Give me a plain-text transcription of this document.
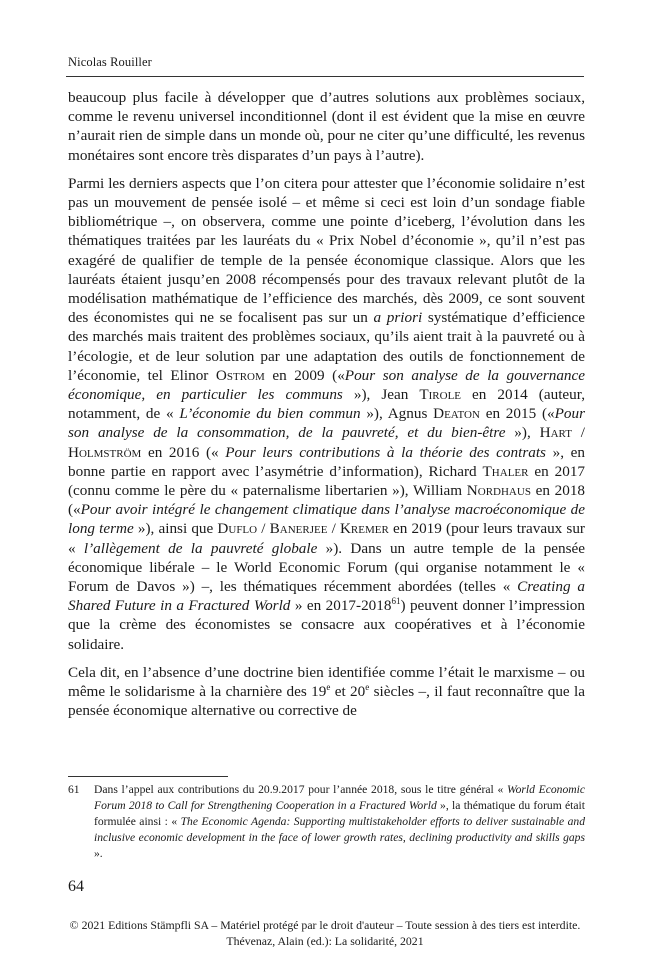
Nicolas Rouiller

beaucoup plus facile à développer que d’autres solutions aux problèmes sociaux, comme le revenu universel inconditionnel (dont il est évident que la mise en œuvre n’aurait rien de simple dans un monde où, pour ne citer qu’une difficulté, les revenus monétaires sont encore très disparates d’un pays à l’autre).

Parmi les derniers aspects que l’on citera pour attester que l’économie solidaire n’est pas un mouvement de pensée isolé – et même si ceci est loin d’un sondage fiable bibliométrique –, on observera, comme une pointe d’iceberg, l’évolution dans les thématiques traitées par les lauréats du « Prix Nobel d’économie », qu’il n’est pas exagéré de qualifier de temple de la pensée économique classique. Alors que les lauréats étaient jusqu’en 2008 récompensés pour des travaux relevant plutôt de la modélisation mathématique de l’efficience des marchés, dès 2009, ce sont souvent des économistes qui ne se focalisent pas sur un a priori systématique d’efficience des marchés mais traitent des problèmes sociaux, qu’ils aient trait à la pauvreté ou à l’écologie, et de leur solution par une adaptation des outils de fonctionnement de l’économie, tel Elinor Ostrom en 2009 («Pour son analyse de la gouvernance économique, en particulier les communs »), Jean Tirole en 2014 (auteur, notamment, de « L’économie du bien commun »), Agnus Deaton en 2015 («Pour son analyse de la consommation, de la pauvreté, et du bien-être »), Hart / Holmström en 2016 (« Pour leurs contributions à la théorie des contrats », en bonne partie en rapport avec l’asymétrie d’information), Richard Thaler en 2017 (connu comme le père du « paternalisme libertarien »), William Nordhaus en 2018 («Pour avoir intégré le changement climatique dans l’analyse macroéconomique de long terme »), ainsi que Duflo / Banerjee / Kremer en 2019 (pour leurs travaux sur « l’allègement de la pauvreté globale »). Dans un autre temple de la pensée économique libérale – le World Economic Forum (qui organise notamment le « Forum de Davos ») –, les thématiques récemment abordées (telles « Creating a Shared Future in a Fractured World » en 2017-2018$^{61}$) peuvent donner l’impression que la crème des économistes se consacre aux coopératives et à l’économie solidaire.

Cela dit, en l’absence d’une doctrine bien identifiée comme l’était le marxisme – ou même le solidarisme à la charnière des 19e et 20e siècles –, il faut reconnaître que la pensée économique alternative ou corrective de

61 Dans l’appel aux contributions du 20.9.2017 pour l’année 2018, sous le titre général « World Economic Forum 2018 to Call for Strengthening Cooperation in a Fractured World », la thématique du forum était formulée ainsi : « The Economic Agenda: Supporting multistakeholder efforts to deliver sustainable and inclusive economic development in the face of lower growth rates, declining productivity and skills gaps ».
64
© 2021 Editions Stämpfli SA – Matériel protégé par le droit d'auteur – Toute session à des tiers est interdite.
Thévenaz, Alain (ed.): La solidarité, 2021
